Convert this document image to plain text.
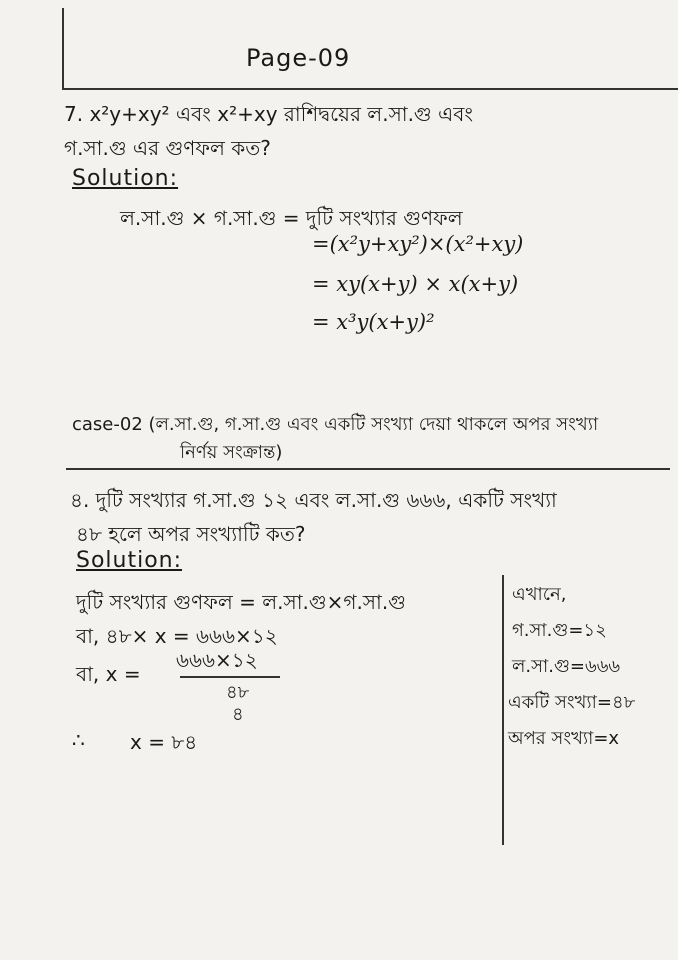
Page-09
7. x²y+xy² এবং x²+xy রাশিদ্বয়ের ল.সা.গু এবং
গ.সা.গু এর গুণফল কত?
Solution:
ল.সা.গু × গ.সা.গু = দুটি সংখ্যার গুণফল
=(x²y+xy²)×(x²+xy)
= xy(x+y) × x(x+y)
= x³y(x+y)²
case-02 (ল.সা.গু, গ.সা.গু এবং একটি সংখ্যা দেয়া থাকলে অপর সংখ্যা
নির্ণয় সংক্রান্ত)
৪. দুটি সংখ্যার গ.সা.গু ১২ এবং ল.সা.গু ৬৬৬, একটি সংখ্যা
৪৮ হলে অপর সংখ্যাটি কত?
Solution:
দুটি সংখ্যার গুণফল = ল.সা.গু×গ.সা.গু
বা, ৪৮× x = ৬৬৬×১২
বা, x =
৬৬৬×১২
৪৮
৪
∴ x = ৮৪
এখানে,
গ.সা.গু=১২
ল.সা.গু=৬৬৬
একটি সংখ্যা=৪৮
অপর সংখ্যা=x
